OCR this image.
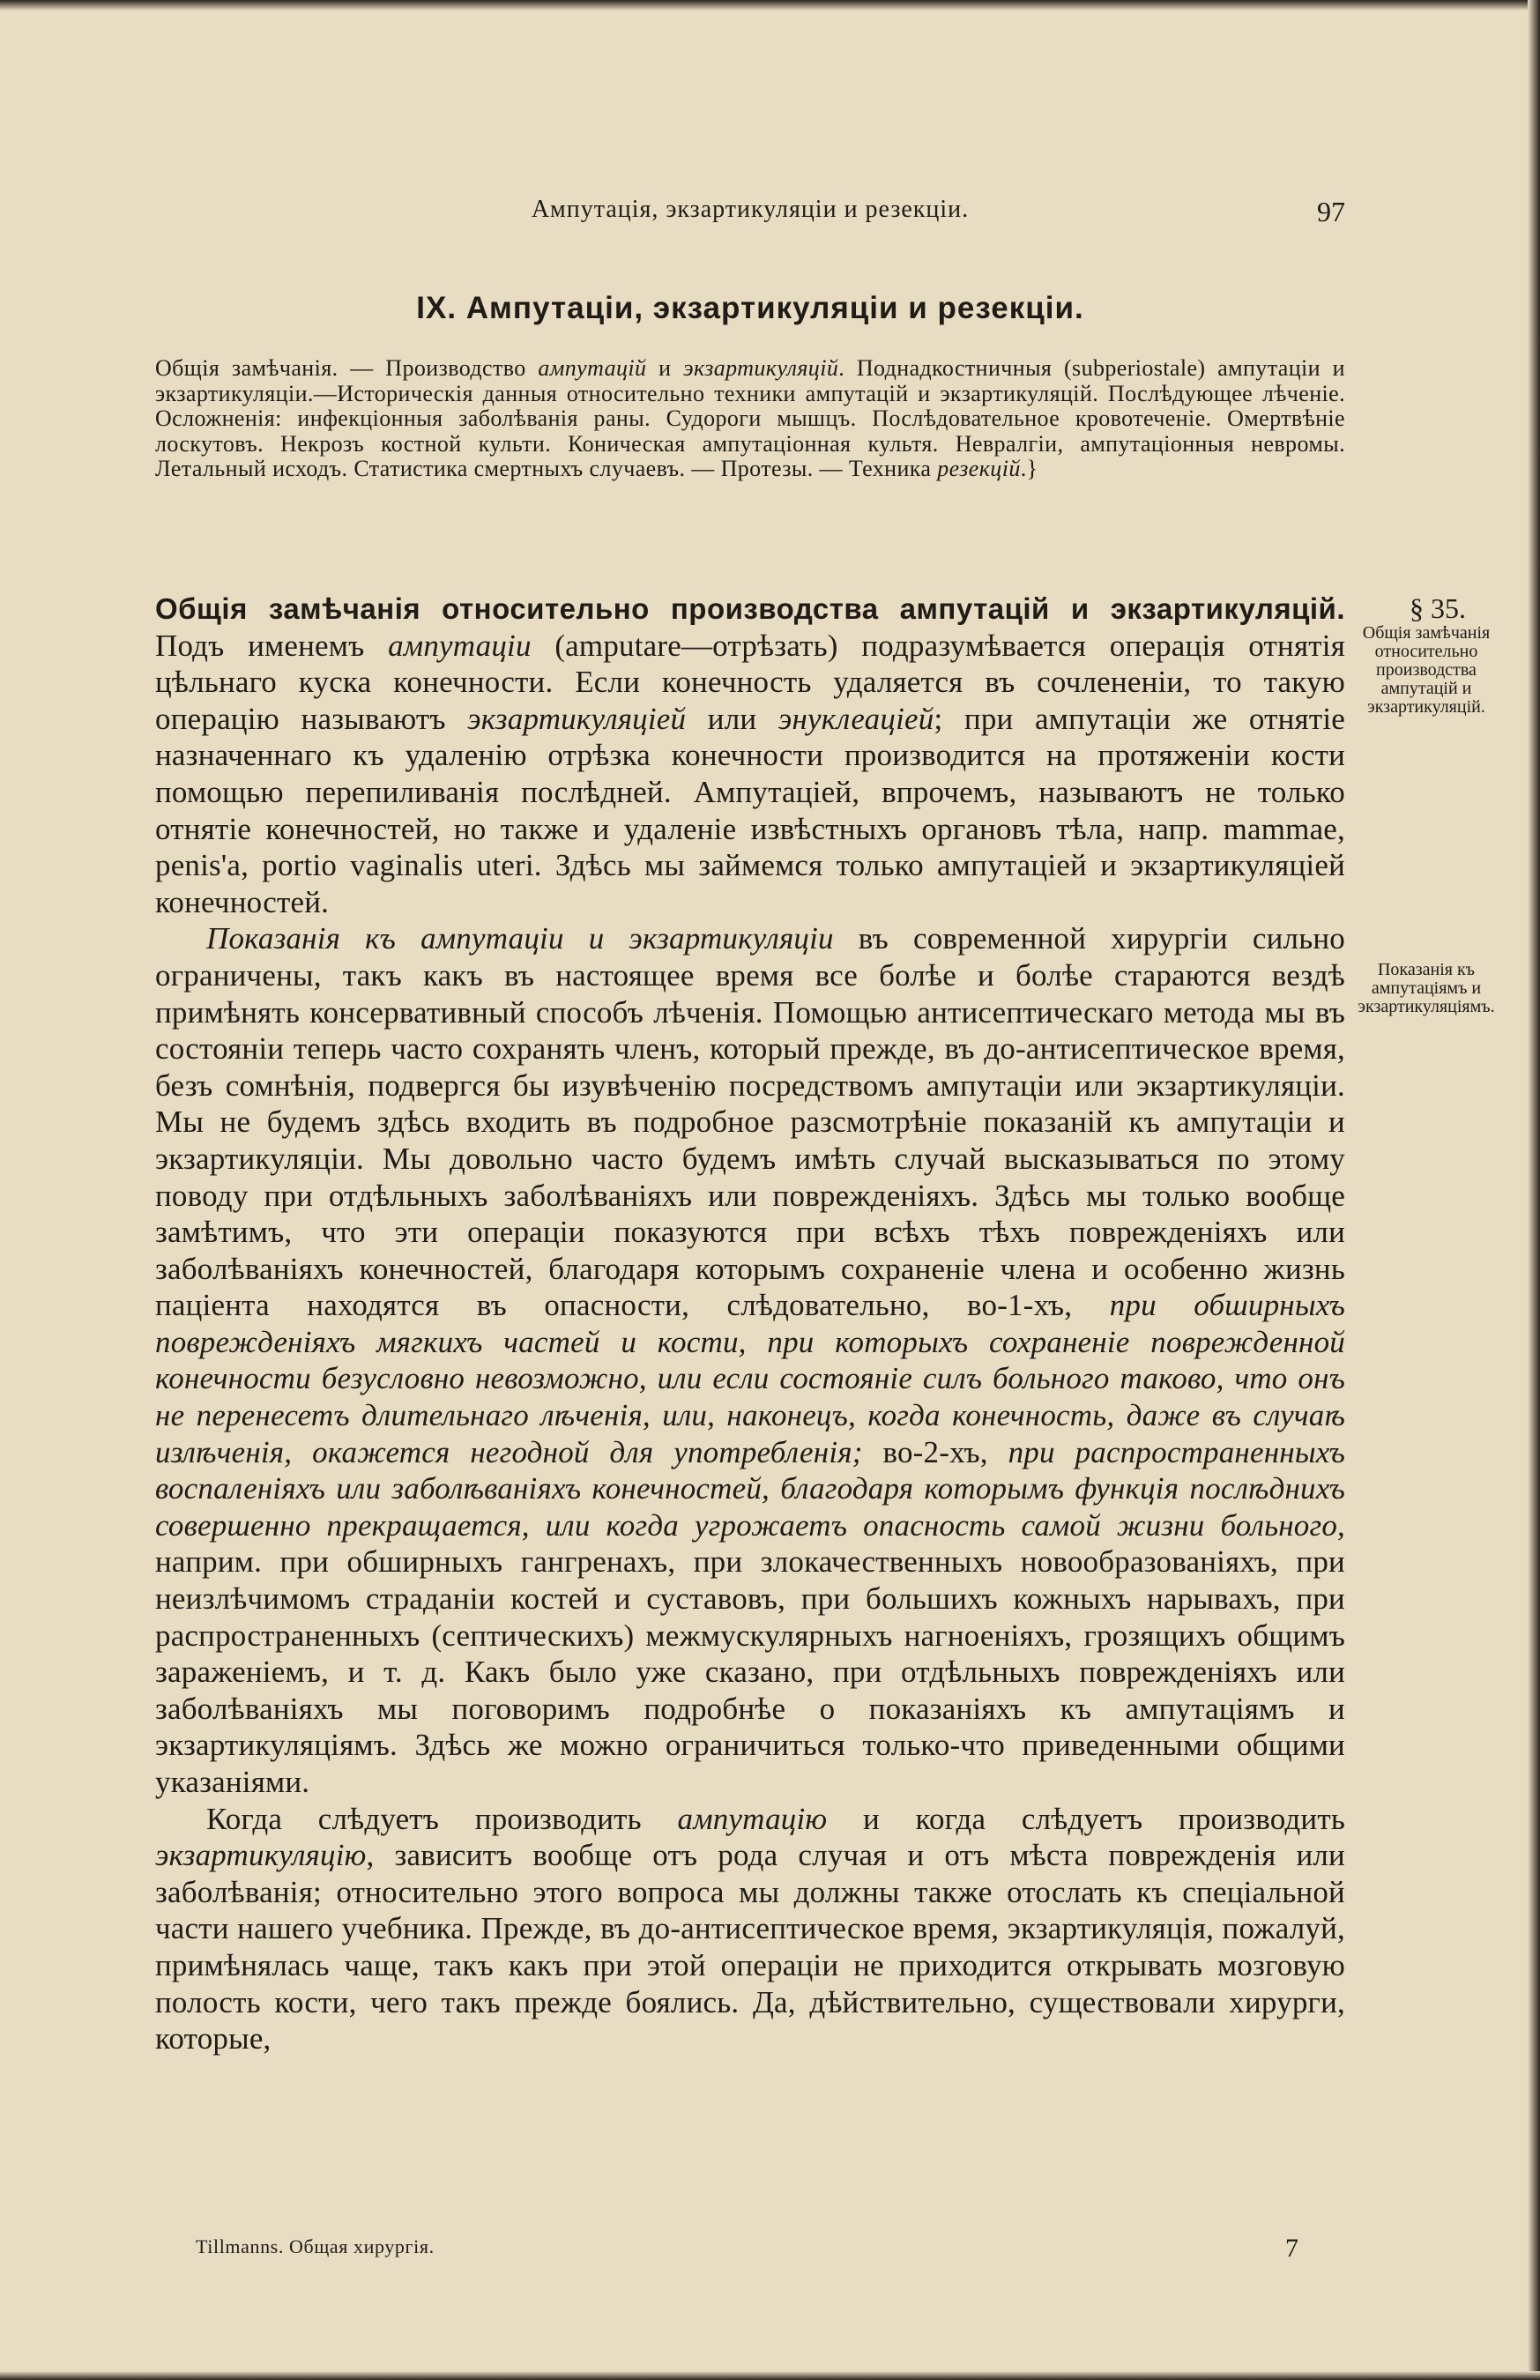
Ампутація, экзартикуляціи и резекціи.	97
IX. Ампутаціи, экзартикуляціи и резекціи.
Общія замѣчанія. — Производство ампутацій и экзартикуляцій. Поднадкостничныя (subperiostale) ампутаціи и экзартикуляціи.—Историческія данныя относительно техники ампутацій и экзартикуляцій. Послѣдующее лѣченіе. Осложненія: инфекціонныя заболѣванія раны. Судороги мышцъ. Послѣдовательное кровотеченіе. Омертвѣніе лоскутовъ. Некрозъ костной культи. Коническая ампутаціонная культя. Невралгіи, ампутаціонныя невромы. Летальный исходъ. Статистика смертныхъ случаевъ. — Протезы. — Техника резекцій.}
§ 35.
Общія замѣчанія относительно производства ампутацій и экзартикуляцій.
Показанія къ ампутаціямъ и экзартикуляціямъ.

Общія замѣчанія относительно производства ампутацій и экзартикуляцій. Подъ именемъ ампутаціи (amputare—отрѣзать) подразумѣвается операція отнятія цѣльнаго куска конечности. Если конечность удаляется въ сочлененіи, то такую операцію называютъ экзартикуляціей или энуклеаціей; при ампутаціи же отнятіе назначеннаго къ удаленію отрѣзка конечности производится на протяженіи кости помощью перепиливанія послѣдней. Ампутаціей, впрочемъ, называютъ не только отнятіе конечностей, но также и удаленіе извѣстныхъ органовъ тѣла, напр. mammae, penis'a, portio vaginalis uteri. Здѣсь мы займемся только ампутаціей и экзартикуляціей конечностей.

Показанія къ ампутаціи и экзартикуляціи въ современной хирургіи сильно ограничены, такъ какъ въ настоящее время все болѣе и болѣе стараются вездѣ примѣнять консервативный способъ лѣченія. Помощью антисептическаго метода мы въ состояніи теперь часто сохранять членъ, который прежде, въ до-антисептическое время, безъ сомнѣнія, подвергся бы изувѣченію посредствомъ ампутаціи или экзартикуляціи. Мы не будемъ здѣсь входить въ подробное разсмотрѣніе показаній къ ампутаціи и экзартикуляціи. Мы довольно часто будемъ имѣть случай высказываться по этому поводу при отдѣльныхъ заболѣваніяхъ или поврежденіяхъ. Здѣсь мы только вообще замѣтимъ, что эти операціи показуются при всѣхъ тѣхъ поврежденіяхъ или заболѣваніяхъ конечностей, благодаря которымъ сохраненіе члена и особенно жизнь паціента находятся въ опасности, слѣдовательно, во-1-хъ, при обширныхъ поврежденіяхъ мягкихъ частей и кости, при которыхъ сохраненіе поврежденной конечности безусловно невозможно, или если состояніе силъ больного таково, что онъ не перенесетъ длительнаго лѣченія, или, наконецъ, когда конечность, даже въ случаѣ излѣченія, окажется негодной для употребленія; во-2-хъ, при распространенныхъ воспаленіяхъ или заболѣваніяхъ конечностей, благодаря которымъ функція послѣднихъ совершенно прекращается, или когда угрожаетъ опасность самой жизни больного, наприм. при обширныхъ гангренахъ, при злокачественныхъ новообразованіяхъ, при неизлѣчимомъ страданіи костей и суставовъ, при большихъ кожныхъ нарывахъ, при распространенныхъ (септическихъ) межмускулярныхъ нагноеніяхъ, грозящихъ общимъ зараженіемъ, и т. д. Какъ было уже сказано, при отдѣльныхъ поврежденіяхъ или заболѣваніяхъ мы поговоримъ подробнѣе о показаніяхъ къ ампутаціямъ и экзартикуляціямъ. Здѣсь же можно ограничиться только-что приведенными общими указаніями.

Когда слѣдуетъ производить ампутацію и когда слѣдуетъ производить экзартикуляцію, зависитъ вообще отъ рода случая и отъ мѣста поврежденія или заболѣванія; относительно этого вопроса мы должны также отослать къ спеціальной части нашего учебника. Прежде, въ до-антисептическое время, экзартикуляція, пожалуй, примѣнялась чаще, такъ какъ при этой операціи не приходится открывать мозговую полость кости, чего такъ прежде боялись. Да, дѣйствительно, существовали хирурги, которые,

Tillmanns. Общая хирургія.	7
